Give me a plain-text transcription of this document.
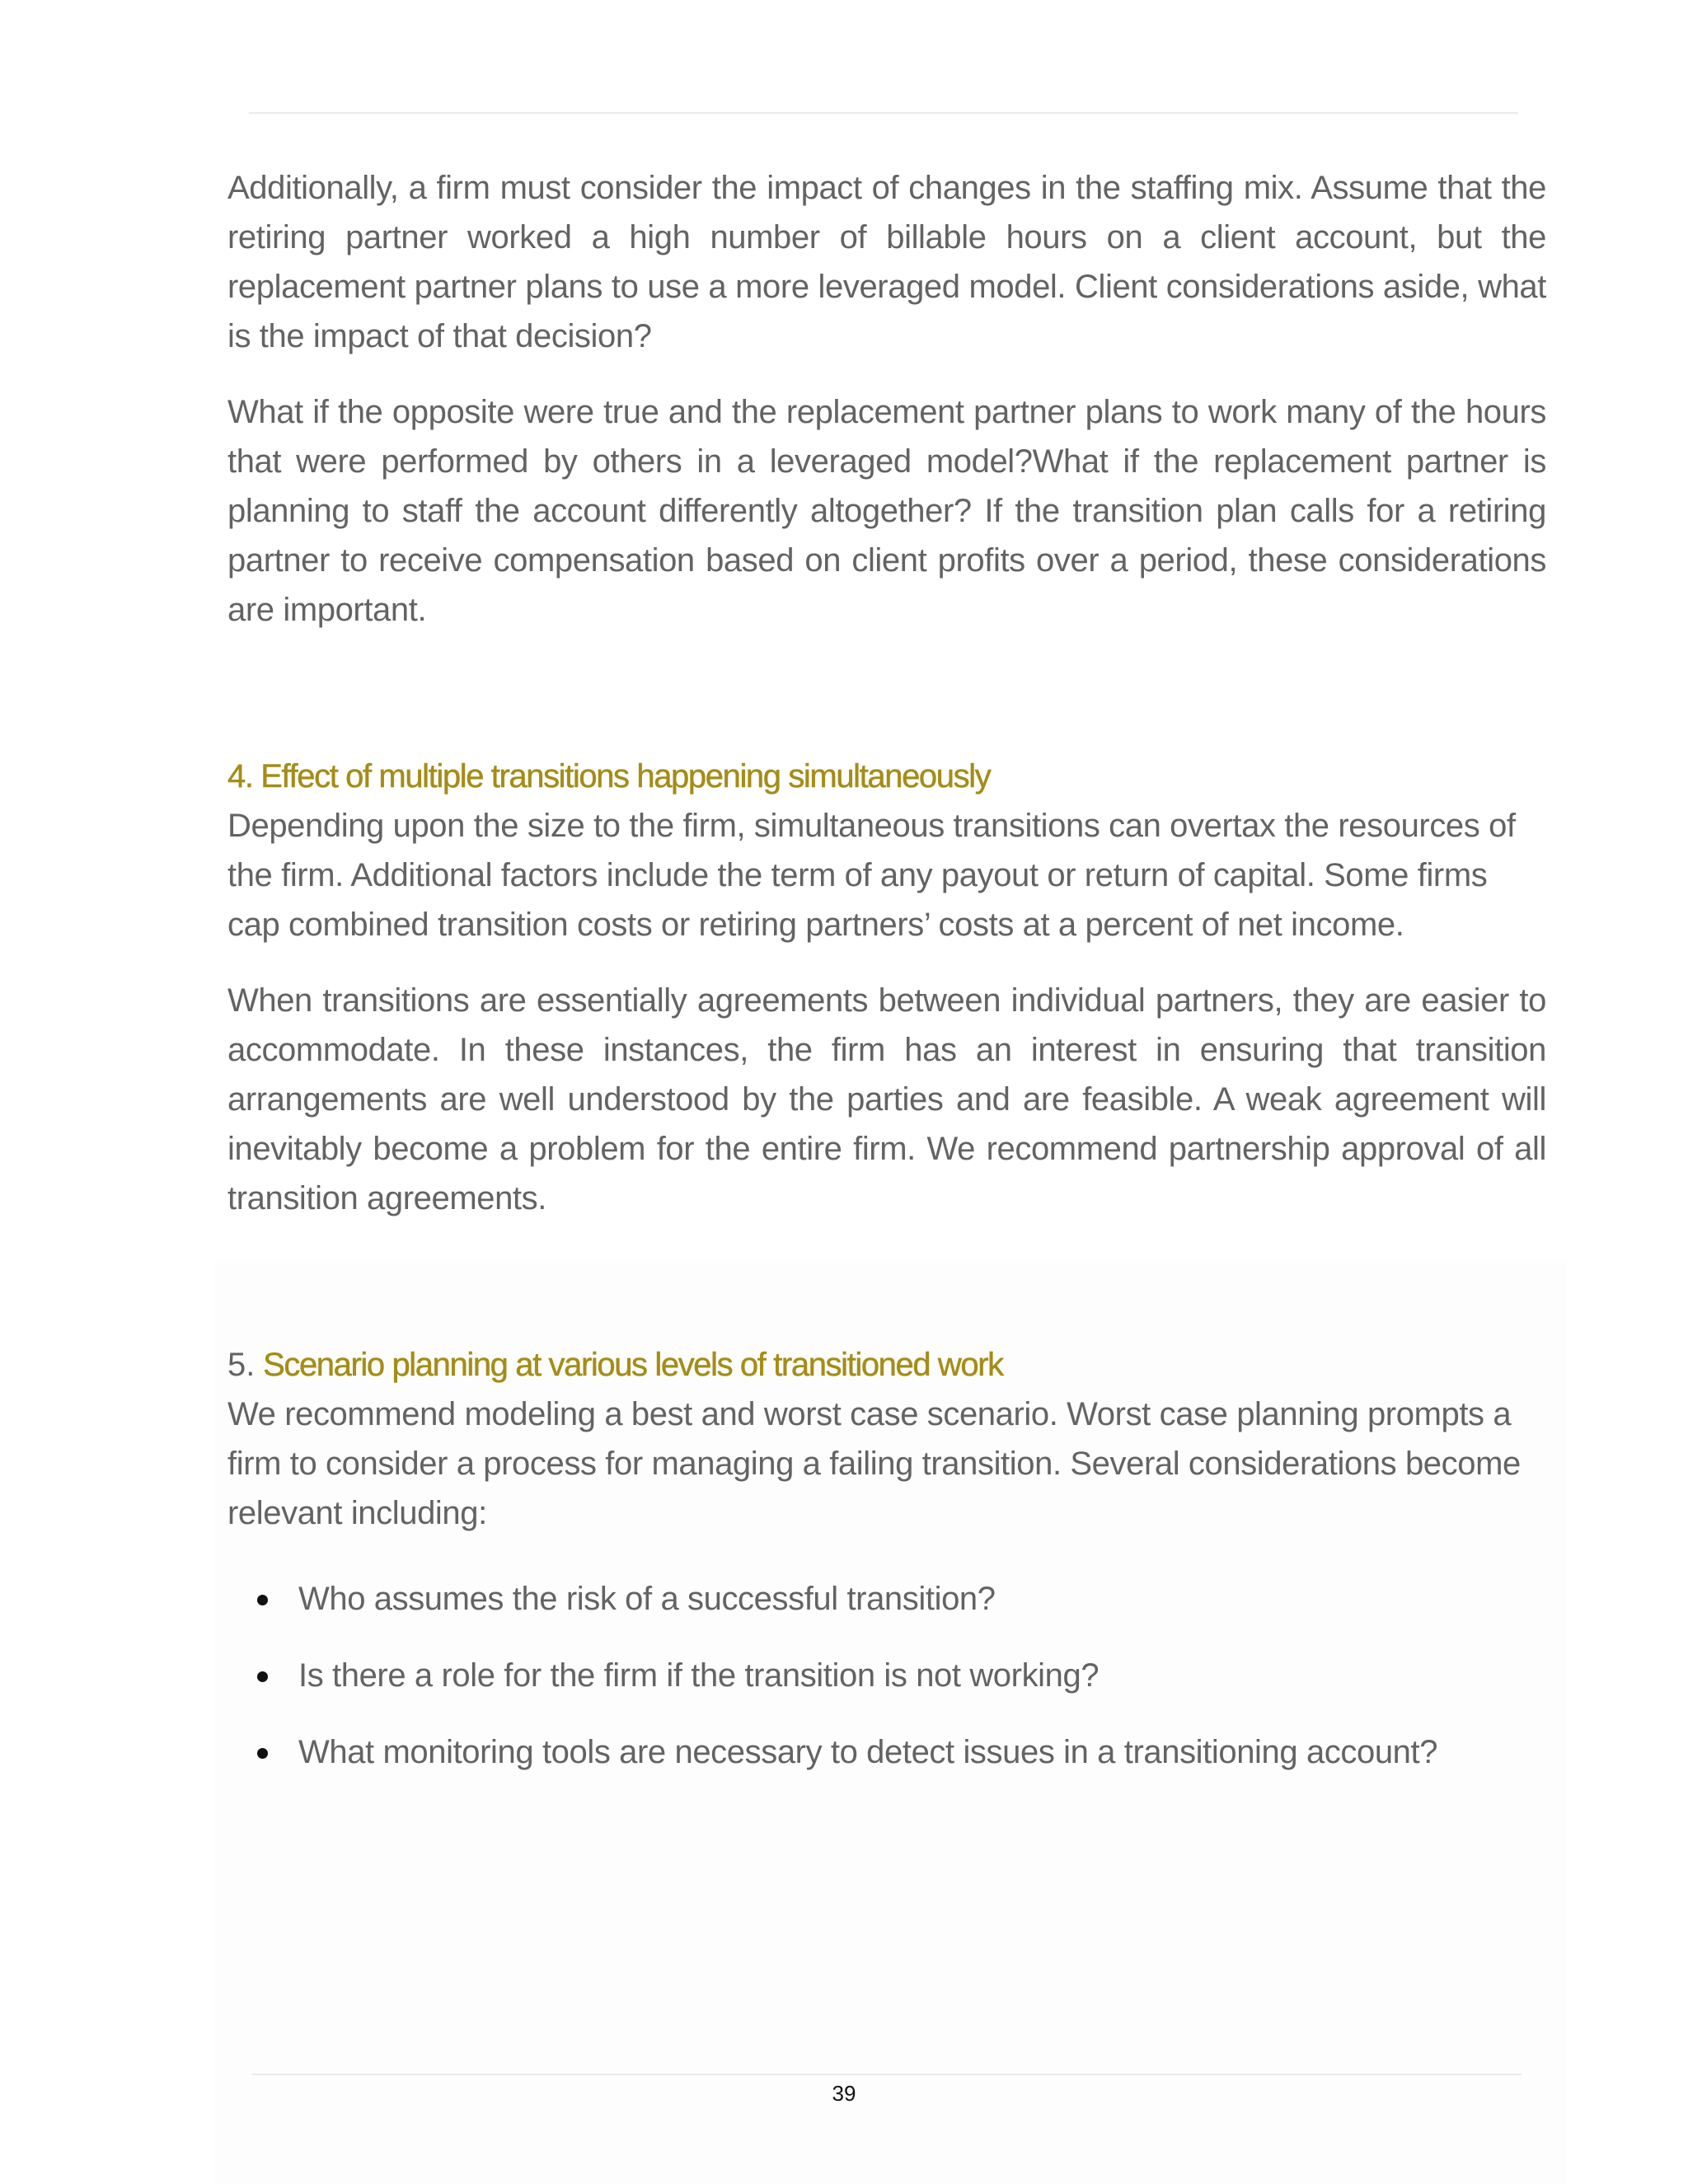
Additionally, a firm must consider the impact of changes in the staffing mix. Assume that the retiring partner worked a high number of billable hours on a client account, but the replacement partner plans to use a more leveraged model. Client considerations aside, what is the impact of that decision?

What if the opposite were true and the replacement partner plans to work many of the hours that were performed by others in a leveraged model?What if the replacement partner is planning to staff the account differently altogether? If the transition plan calls for a retiring partner to receive compensation based on client profits over a period, these considerations are important.

4. Effect of multiple transitions happening simultaneously

Depending upon the size to the firm, simultaneous transitions can overtax the resources of the firm. Additional factors include the term of any payout or return of capital. Some firms cap combined transition costs or retiring partners’ costs at a percent of net income.

When transitions are essentially agreements between individual partners, they are easier to accommodate. In these instances, the firm has an interest in ensuring that transition arrangements are well understood by the parties and are feasible. A weak agreement will inevitably become a problem for the entire firm. We recommend partnership approval of all transition agreements.

5. Scenario planning at various levels of transitioned work

We recommend modeling a best and worst case scenario. Worst case planning prompts a firm to consider a process for managing a failing transition. Several considerations become relevant including:

Who assumes the risk of a successful transition?
Is there a role for the firm if the transition is not working?
What monitoring tools are necessary to detect issues in a transitioning account?
39
